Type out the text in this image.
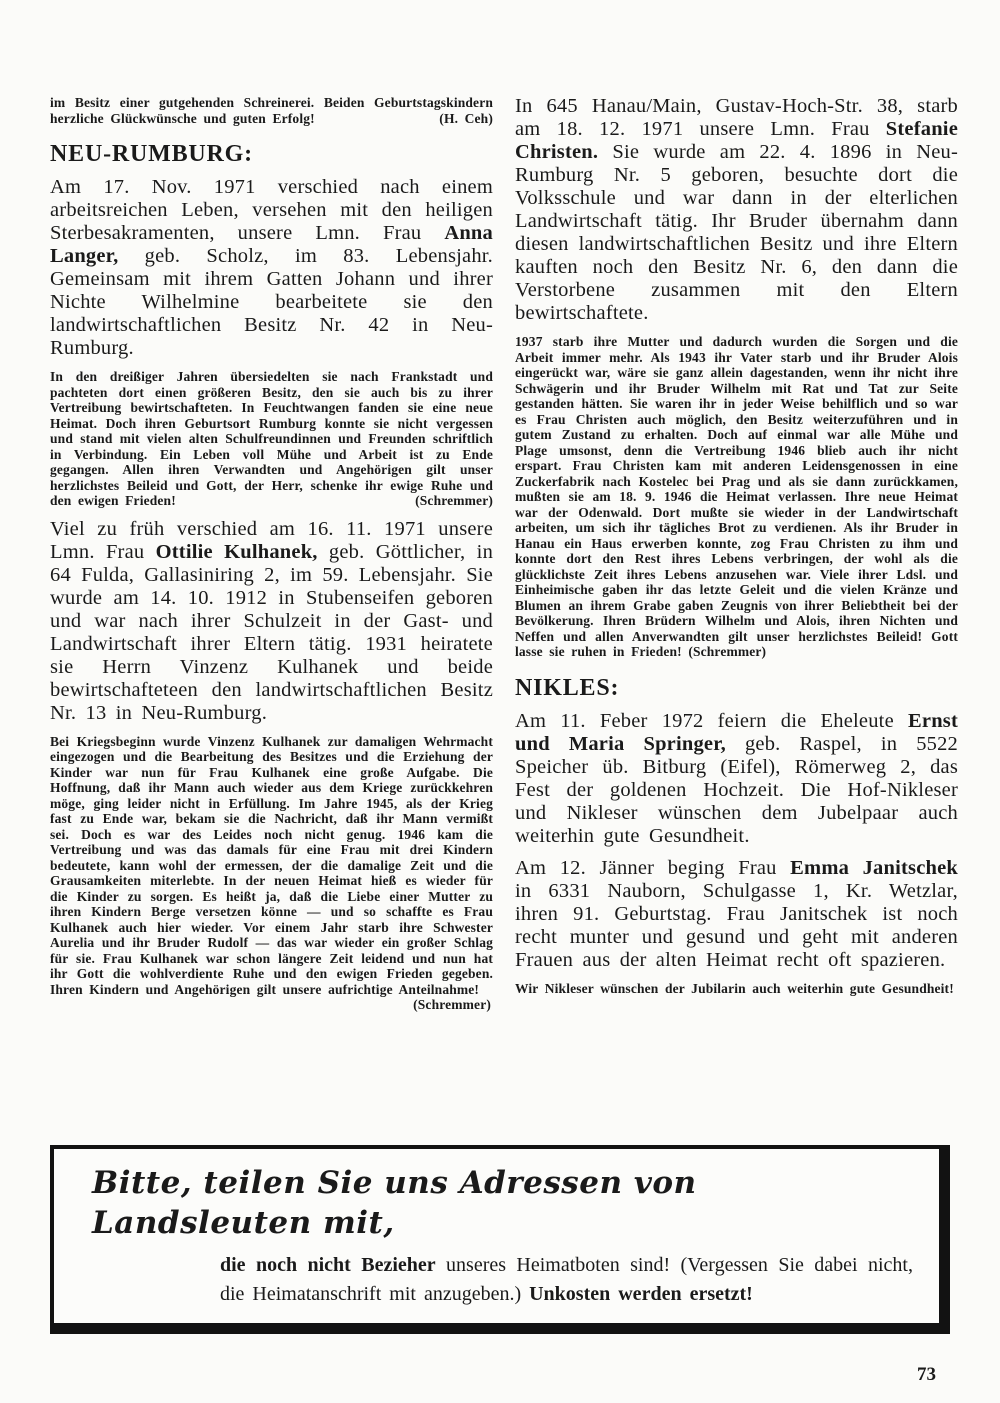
im Besitz einer gutgehenden Schreinerei. Beiden Geburtstagskindern herzliche Glückwünsche und guten Erfolg!	(H. Ceh)
NEU-RUMBURG:

Am 17. Nov. 1971 verschied nach einem arbeitsreichen Leben, versehen mit den heiligen Sterbesakramenten, unsere Lmn. Frau Anna Langer, geb. Scholz, im 83. Lebensjahr. Gemeinsam mit ihrem Gatten Johann und ihrer Nichte Wilhelmine bearbeitete sie den landwirtschaftlichen Besitz Nr. 42 in Neu-Rumburg.

In den dreißiger Jahren übersiedelten sie nach Frankstadt und pachteten dort einen größeren Besitz, den sie auch bis zu ihrer Vertreibung bewirtschafteten. In Feuchtwangen fanden sie eine neue Heimat. Doch ihren Geburtsort Rumburg konnte sie nicht vergessen und stand mit vielen alten Schulfreundinnen und Freunden schriftlich in Verbindung. Ein Leben voll Mühe und Arbeit ist zu Ende gegangen. Allen ihren Verwandten und Angehörigen gilt unser herzlichstes Beileid und Gott, der Herr, schenke ihr ewige Ruhe und den ewigen Frieden!	(Schremmer)

Viel zu früh verschied am 16. 11. 1971 unsere Lmn. Frau Ottilie Kulhanek, geb. Göttlicher, in 64 Fulda, Gallasiniring 2, im 59. Lebensjahr. Sie wurde am 14. 10. 1912 in Stubenseifen geboren und war nach ihrer Schulzeit in der Gast- und Landwirtschaft ihrer Eltern tätig. 1931 heiratete sie Herrn Vinzenz Kulhanek und beide bewirtschafteteen den landwirtschaftlichen Besitz Nr. 13 in Neu-Rumburg.

Bei Kriegsbeginn wurde Vinzenz Kulhanek zur damaligen Wehrmacht eingezogen und die Bearbeitung des Besitzes und die Erziehung der Kinder war nun für Frau Kulhanek eine große Aufgabe. Die Hoffnung, daß ihr Mann auch wieder aus dem Kriege zurückkehren möge, ging leider nicht in Erfüllung. Im Jahre 1945, als der Krieg fast zu Ende war, bekam sie die Nachricht, daß ihr Mann vermißt sei. Doch es war des Leides noch nicht genug. 1946 kam die Vertreibung und was das damals für eine Frau mit drei Kindern bedeutete, kann wohl der ermessen, der die damalige Zeit und die Grausamkeiten miterlebte. In der neuen Heimat hieß es wieder für die Kinder zu sorgen. Es heißt ja, daß die Liebe einer Mutter zu ihren Kindern Berge versetzen könne — und so schaffte es Frau Kulhanek auch hier wieder. Vor einem Jahr starb ihre Schwester Aurelia und ihr Bruder Rudolf — das war wieder ein großer Schlag für sie. Frau Kulhanek war schon längere Zeit leidend und nun hat ihr Gott die wohlverdiente Ruhe und den ewigen Frieden gegeben. Ihren Kindern und Angehörigen gilt unsere aufrichtige Anteilnahme!
(Schremmer)

In 645 Hanau/Main, Gustav-Hoch-Str. 38, starb am 18. 12. 1971 unsere Lmn. Frau Stefanie Christen. Sie wurde am 22. 4. 1896 in Neu-Rumburg Nr. 5 geboren, besuchte dort die Volksschule und war dann in der elterlichen Landwirtschaft tätig. Ihr Bruder übernahm dann diesen landwirtschaftlichen Besitz und ihre Eltern kauften noch den Besitz Nr. 6, den dann die Verstorbene zusammen mit den Eltern bewirtschaftete.

1937 starb ihre Mutter und dadurch wurden die Sorgen und die Arbeit immer mehr. Als 1943 ihr Vater starb und ihr Bruder Alois eingerückt war, wäre sie ganz allein dagestanden, wenn ihr nicht ihre Schwägerin und ihr Bruder Wilhelm mit Rat und Tat zur Seite gestanden hätten. Sie waren ihr in jeder Weise behilflich und so war es Frau Christen auch möglich, den Besitz weiterzuführen und in gutem Zustand zu erhalten. Doch auf einmal war alle Mühe und Plage umsonst, denn die Vertreibung 1946 blieb auch ihr nicht erspart. Frau Christen kam mit anderen Leidensgenossen in eine Zuckerfabrik nach Kostelec bei Prag und als sie dann zurückkamen, mußten sie am 18. 9. 1946 die Heimat verlassen. Ihre neue Heimat war der Odenwald. Dort mußte sie wieder in der Landwirtschaft arbeiten, um sich ihr tägliches Brot zu verdienen. Als ihr Bruder in Hanau ein Haus erwerben konnte, zog Frau Christen zu ihm und konnte dort den Rest ihres Lebens verbringen, der wohl als die glücklichste Zeit ihres Lebens anzusehen war. Viele ihrer Ldsl. und Einheimische gaben ihr das letzte Geleit und die vielen Kränze und Blumen an ihrem Grabe gaben Zeugnis von ihrer Beliebtheit bei der Bevölkerung. Ihren Brüdern Wilhelm und Alois, ihren Nichten und Neffen und allen Anverwandten gilt unser herzlichstes Beileid! Gott lasse sie ruhen in Frieden! (Schremmer)
NIKLES:

Am 11. Feber 1972 feiern die Eheleute Ernst und Maria Springer, geb. Raspel, in 5522 Speicher üb. Bitburg (Eifel), Römerweg 2, das Fest der goldenen Hochzeit. Die Hof-Nikleser und Nikleser wünschen dem Jubelpaar auch weiterhin gute Gesundheit.

Am 12. Jänner beging Frau Emma Janitschek in 6331 Nauborn, Schulgasse 1, Kr. Wetzlar, ihren 91. Geburtstag. Frau Janitschek ist noch recht munter und gesund und geht mit anderen Frauen aus der alten Heimat recht oft spazieren.

Wir Nikleser wünschen der Jubilarin auch weiterhin gute Gesundheit!
Bitte, teilen Sie uns Adressen von Landsleuten mit,
die noch nicht Bezieher unseres Heimatboten sind! (Vergessen Sie dabei nicht, die Heimatanschrift mit anzugeben.) Unkosten werden ersetzt!
73
